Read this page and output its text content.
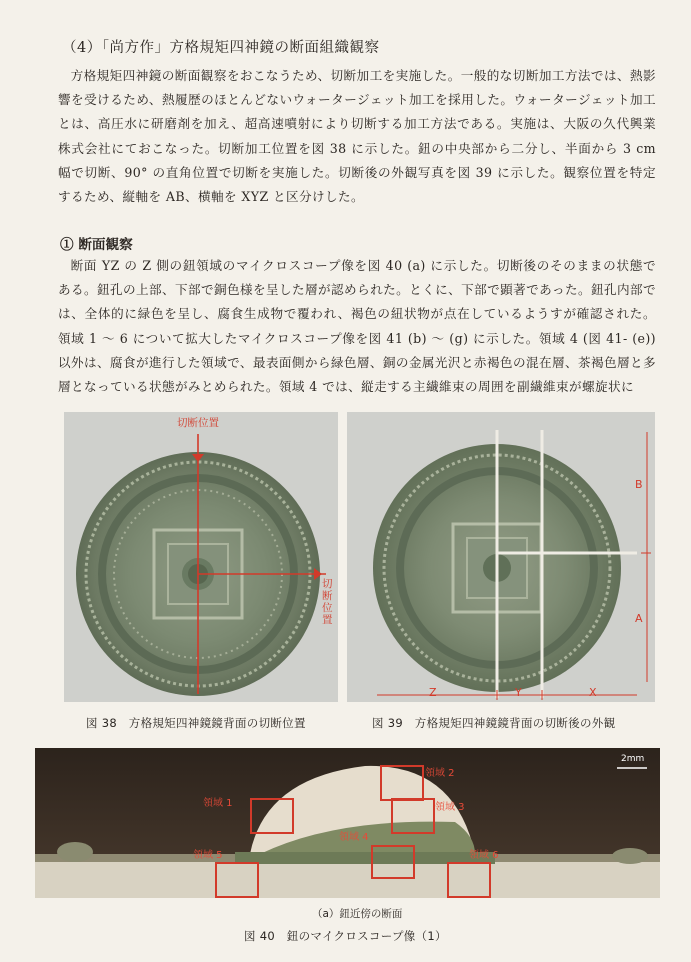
（4）「尚方作」方格規矩四神鏡の断面組織観察

方格規矩四神鏡の断面観察をおこなうため、切断加工を実施した。一般的な切断加工方法では、熱影響を受けるため、熱履歴のほとんどないウォータージェット加工を採用した。ウォータージェット加工とは、高圧水に研磨剤を加え、超高速噴射により切断する加工方法である。実施は、大阪の久代興業株式会社にておこなった。切断加工位置を図 38 に示した。鈕の中央部から二分し、半面から 3 cm 幅で切断、90° の直角位置で切断を実施した。切断後の外観写真を図 39 に示した。観察位置を特定するため、縦軸を AB、横軸を XYZ と区分けした。

① 断面観察

断面 YZ の Z 側の鈕領域のマイクロスコープ像を図 40 (a) に示した。切断後のそのままの状態である。鈕孔の上部、下部で銅色様を呈した層が認められた。とくに、下部で顕著であった。鈕孔内部では、全体的に緑色を呈し、腐食生成物で覆われ、褐色の紐状物が点在しているようすが確認された。領域 1 ～ 6 について拡大したマイクロスコープ像を図 41 (b) ～ (g) に示した。領域 4 (図 41- (e)) 以外は、腐食が進行した領域で、最表面側から緑色層、銅の金属光沢と赤褐色の混在層、茶褐色層と多層となっている状態がみとめられた。領域 4 では、縦走する主繊維束の周囲を副繊維束が螺旋状に

切断位置
切断位置
図 38　方格規矩四神鏡鏡背面の切断位置
B
A
Z	Y	X
図 39　方格規矩四神鏡鏡背面の切断後の外観
2mm
領域 1
領域 2
領域 3
領域 4
領域 5	領域 6
（a）鈕近傍の断面
図 40　鈕のマイクロスコープ像（1）
